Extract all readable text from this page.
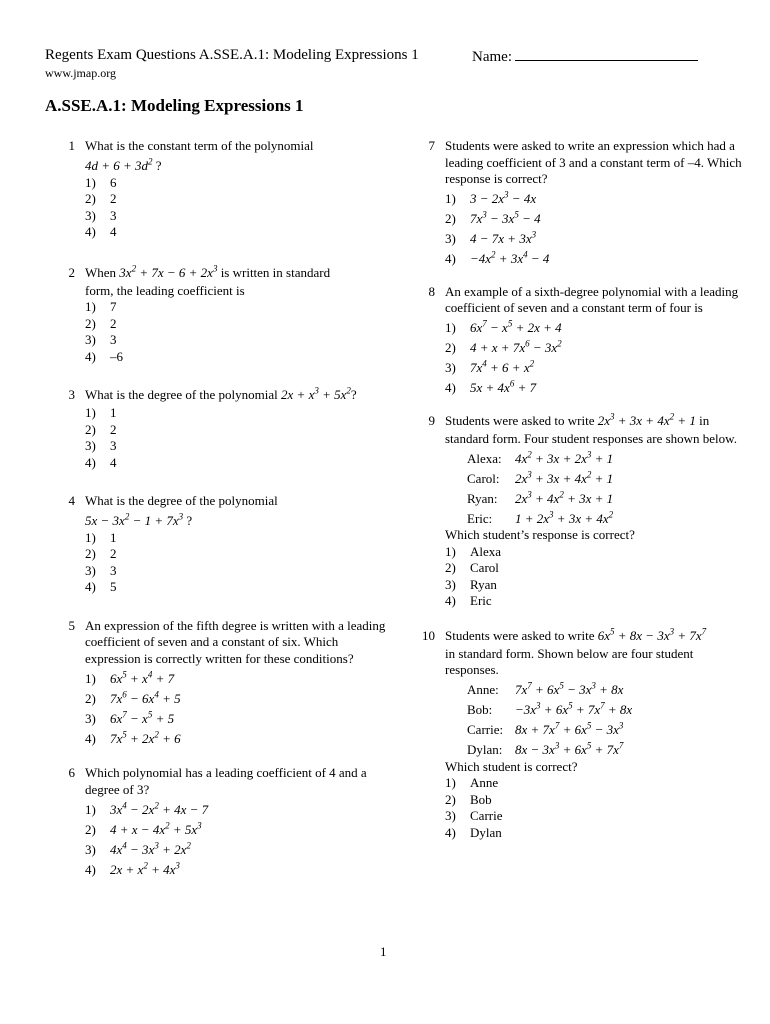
Regents Exam Questions A.SSE.A.1: Modeling Expressions 1	Name:
www.jmap.org
A.SSE.A.1: Modeling Expressions 1
1 What is the constant term of the polynomial
$4d + 6 + 3d^2$ ?
1)	6
2)	2
3)	3
4)	4
2 When $3x^2 + 7x - 6 + 2x^3$ is written in standard
form, the leading coefficient is
1)	7
2)	2
3)	3
4)	–6
3 What is the degree of the polynomial $2x + x^3 + 5x^2$?
1)	1
2)	2
3)	3
4)	4
4 What is the degree of the polynomial
$5x - 3x^2 - 1 + 7x^3$ ?
1)	1
2)	2
3)	3
4)	5
5 An expression of the fifth degree is written with a leading coefficient of seven and a constant of six. Which expression is correctly written for these conditions?
1)	$6x^5 + x^4 + 7$
2)	$7x^6 - 6x^4 + 5$
3)	$6x^7 - x^5 + 5$
4)	$7x^5 + 2x^2 + 6$
6 Which polynomial has a leading coefficient of 4 and a degree of 3?
1)	$3x^4 - 2x^2 + 4x - 7$
2)	$4 + x - 4x^2 + 5x^3$
3)	$4x^4 - 3x^3 + 2x^2$
4)	$2x + x^2 + 4x^3$
7 Students were asked to write an expression which had a leading coefficient of 3 and a constant term of –4. Which response is correct?
1)	$3 - 2x^3 - 4x$
2)	$7x^3 - 3x^5 - 4$
3)	$4 - 7x + 3x^3$
4)	$-4x^2 + 3x^4 - 4$
8 An example of a sixth-degree polynomial with a leading coefficient of seven and a constant term of four is
1)	$6x^7 - x^5 + 2x + 4$
2)	$4 + x + 7x^6 - 3x^2$
3)	$7x^4 + 6 + x^2$
4)	$5x + 4x^6 + 7$
9 Students were asked to write $2x^3 + 3x + 4x^2 + 1$ in
standard form. Four student responses are shown below.
Alexa:	$4x^2 + 3x + 2x^3 + 1$
Carol:	$2x^3 + 3x + 4x^2 + 1$
Ryan:	$2x^3 + 4x^2 + 3x + 1$
Eric:	$1 + 2x^3 + 3x + 4x^2$
Which student’s response is correct?
1)	Alexa
2)	Carol
3)	Ryan
4)	Eric
10 Students were asked to write $6x^5 + 8x - 3x^3 + 7x^7$
in standard form. Shown below are four student responses.
Anne:	$7x^7 + 6x^5 - 3x^3 + 8x$
Bob:	$-3x^3 + 6x^5 + 7x^7 + 8x$
Carrie: $8x + 7x^7 + 6x^5 - 3x^3$
Dylan: $8x - 3x^3 + 6x^5 + 7x^7$
Which student is correct?
1)	Anne
2)	Bob
3)	Carrie
4)	Dylan
1
